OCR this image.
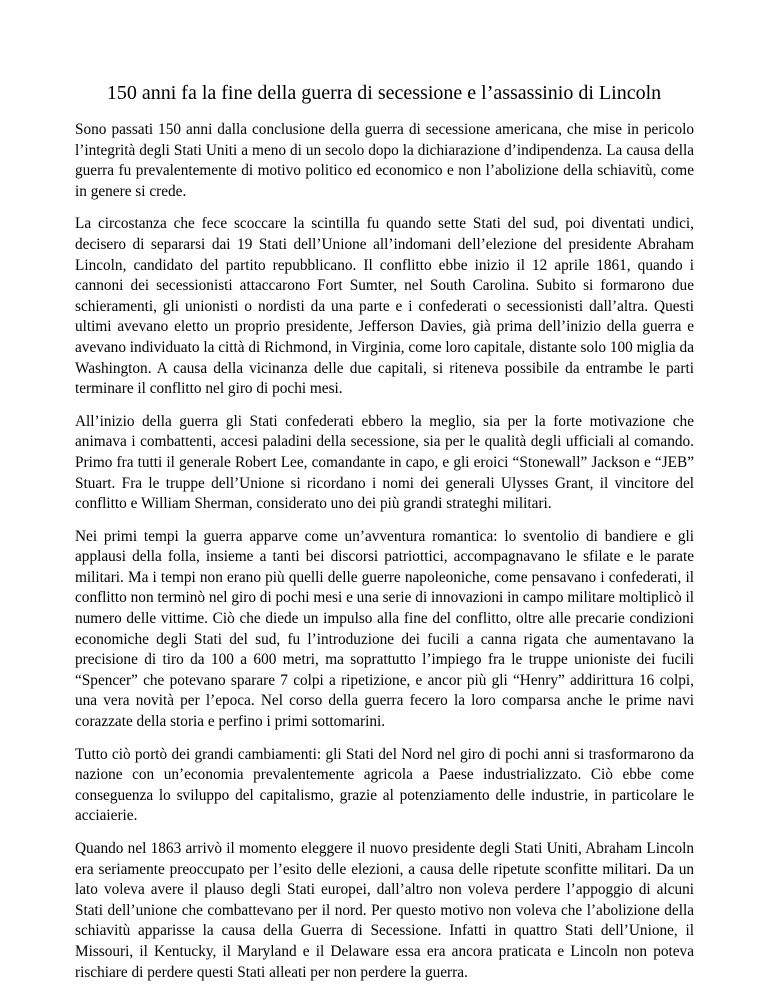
150 anni fa la fine della guerra di secessione e l’assassinio di Lincoln

Sono passati 150 anni dalla conclusione della guerra di secessione americana, che mise in pericolo l’integrità degli Stati Uniti a meno di un secolo dopo la dichiarazione d’indipendenza. La causa della guerra fu prevalentemente di motivo politico ed economico e non l’abolizione della schiavitù, come in genere si crede.

La circostanza che fece scoccare la scintilla fu quando sette Stati del sud, poi diventati undici, decisero di separarsi dai 19 Stati dell’Unione all’indomani dell’elezione del presidente Abraham Lincoln, candidato del partito repubblicano. Il conflitto ebbe inizio il 12 aprile 1861, quando i cannoni dei secessionisti attaccarono Fort Sumter, nel South Carolina. Subito si formarono due schieramenti, gli unionisti o nordisti da una parte e i confederati o secessionisti dall’altra. Questi ultimi avevano eletto un proprio presidente, Jefferson Davies, già prima dell’inizio della guerra e avevano individuato la città di Richmond, in Virginia, come loro capitale, distante solo 100 miglia da Washington. A causa della vicinanza delle due capitali, si riteneva possibile da entrambe le parti terminare il conflitto nel giro di pochi mesi.

All’inizio della guerra gli Stati confederati ebbero la meglio, sia per la forte motivazione che animava i combattenti, accesi paladini della secessione, sia per le qualità degli ufficiali al comando. Primo fra tutti il generale Robert Lee, comandante in capo, e gli eroici “Stonewall” Jackson e “JEB” Stuart. Fra le truppe dell’Unione si ricordano i nomi dei generali Ulysses Grant, il vincitore del conflitto e William Sherman, considerato uno dei più grandi strateghi militari.

Nei primi tempi la guerra apparve come un’avventura romantica: lo sventolio di bandiere e gli applausi della folla, insieme a tanti bei discorsi patriottici, accompagnavano le sfilate e le parate militari. Ma i tempi non erano più quelli delle guerre napoleoniche, come pensavano i confederati, il conflitto non terminò nel giro di pochi mesi e una serie di innovazioni in campo militare moltiplicò il numero delle vittime. Ciò che diede un impulso alla fine del conflitto, oltre alle precarie condizioni economiche degli Stati del sud, fu l’introduzione dei fucili a canna rigata che aumentavano la precisione di tiro da 100 a 600 metri, ma soprattutto l’impiego fra le truppe unioniste dei fucili “Spencer” che potevano sparare 7 colpi a ripetizione, e ancor più gli “Henry” addirittura 16 colpi, una vera novità per l’epoca. Nel corso della guerra fecero la loro comparsa anche le prime navi corazzate della storia e perfino i primi sottomarini.

Tutto ciò portò dei grandi cambiamenti: gli Stati del Nord nel giro di pochi anni si trasformarono da nazione con un’economia prevalentemente agricola a Paese industrializzato. Ciò ebbe come conseguenza lo sviluppo del capitalismo, grazie al potenziamento delle industrie, in particolare le acciaierie.

Quando nel 1863 arrivò il momento eleggere il nuovo presidente degli Stati Uniti, Abraham Lincoln era seriamente preoccupato per l’esito delle elezioni, a causa delle ripetute sconfitte militari. Da un lato voleva avere il plauso degli Stati europei, dall’altro non voleva perdere l’appoggio di alcuni Stati dell’unione che combattevano per il nord. Per questo motivo non voleva che l’abolizione della schiavitù apparisse la causa della Guerra di Secessione. Infatti in quattro Stati dell’Unione, il Missouri, il Kentucky, il Maryland e il Delaware essa era ancora praticata e Lincoln non poteva rischiare di perdere questi Stati alleati per non perdere la guerra.
